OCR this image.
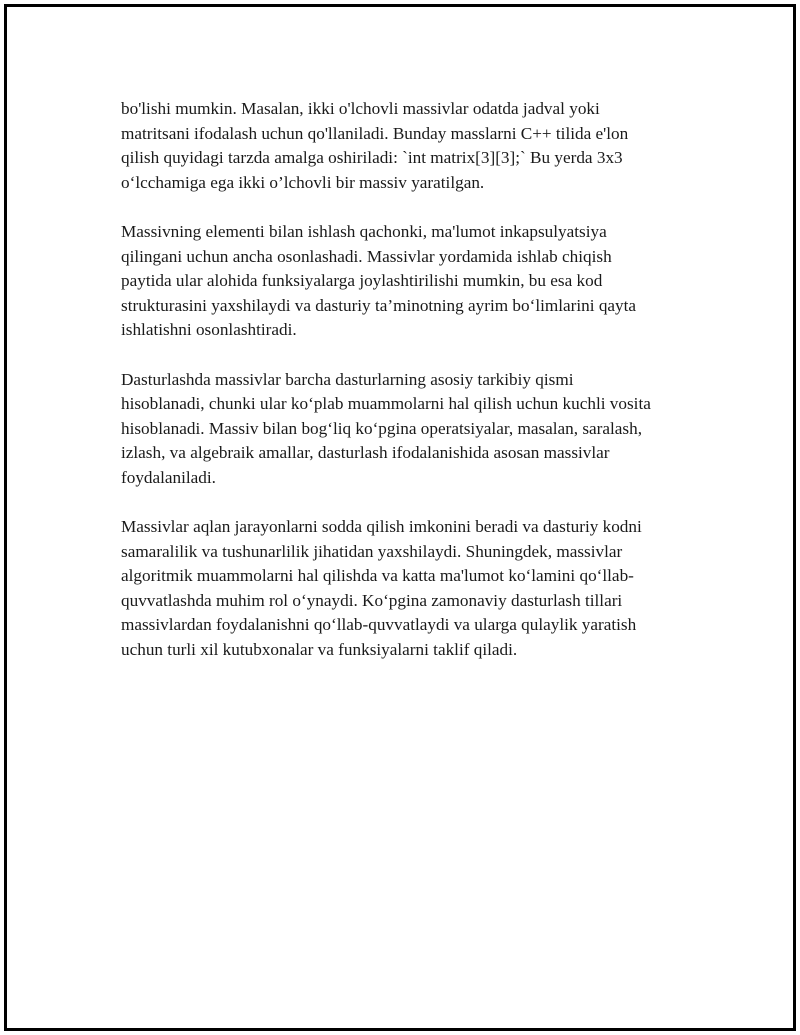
bo'lishi mumkin. Masalan, ikki o'lchovli massivlar odatda jadval yoki
matritsani ifodalash uchun qo'llaniladi. Bunday masslarni C++ tilida e'lon
qilish quyidagi tarzda amalga oshiriladi: `int matrix[3][3];` Bu yerda 3x3
o‘lcchamiga ega ikki o’lchovli bir massiv yaratilgan.

Massivning elementi bilan ishlash qachonki, ma'lumot inkapsulyatsiya
qilingani uchun ancha osonlashadi. Massivlar yordamida ishlab chiqish
paytida ular alohida funksiyalarga joylashtirilishi mumkin, bu esa kod
strukturasini yaxshilaydi va dasturiy ta’minotning ayrim bo‘limlarini qayta
ishlatishni osonlashtiradi.

Dasturlashda massivlar barcha dasturlarning asosiy tarkibiy qismi
hisoblanadi, chunki ular ko‘plab muammolarni hal qilish uchun kuchli vosita
hisoblanadi. Massiv bilan bog‘liq ko‘pgina operatsiyalar, masalan, saralash,
izlash, va algebraik amallar, dasturlash ifodalanishida asosan massivlar
foydalaniladi.

Massivlar aqlan jarayonlarni sodda qilish imkonini beradi va dasturiy kodni
samaralilik va tushunarlilik jihatidan yaxshilaydi. Shuningdek, massivlar
algoritmik muammolarni hal qilishda va katta ma'lumot ko‘lamini qo‘llab-
quvvatlashda muhim rol o‘ynaydi. Ko‘pgina zamonaviy dasturlash tillari
massivlardan foydalanishni qo‘llab-quvvatlaydi va ularga qulaylik yaratish
uchun turli xil kutubxonalar va funksiyalarni taklif qiladi.
